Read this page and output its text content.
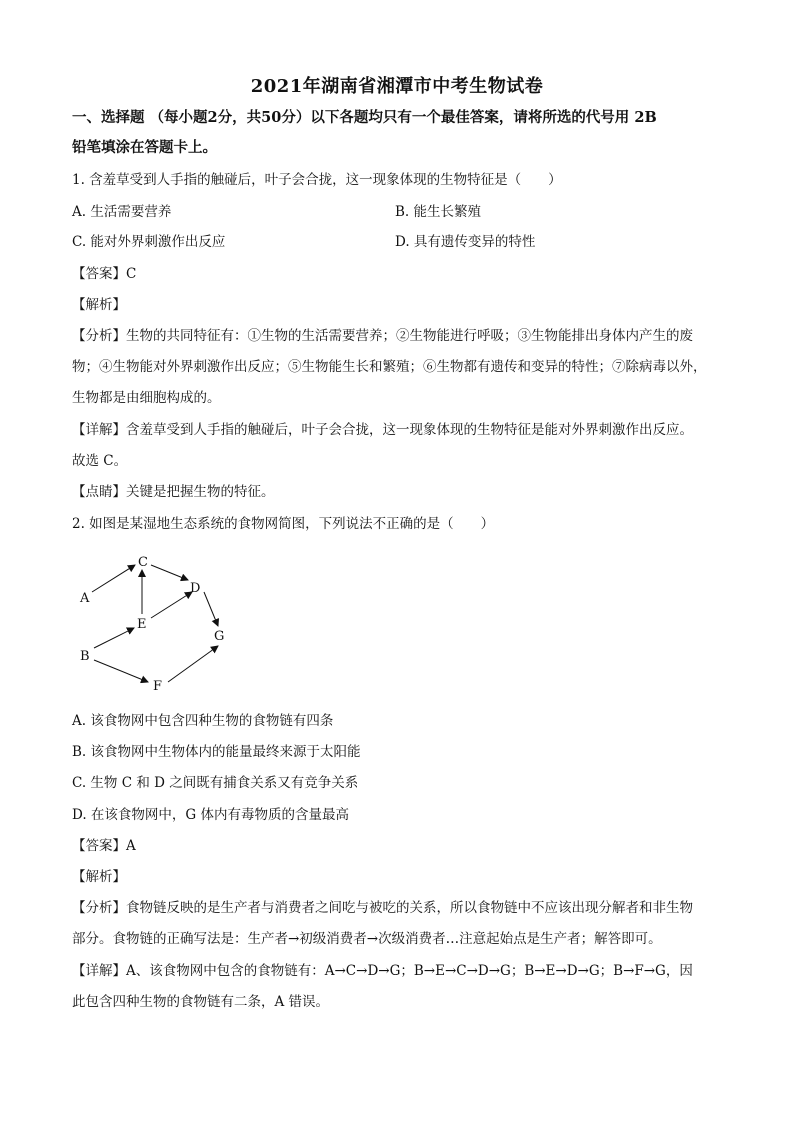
2021年湖南省湘潭市中考生物试卷
一、选择题 （每小题2分，共50分）以下各题均只有一个最佳答案，请将所选的代号用 2B
铅笔填涂在答题卡上。
1. 含羞草受到人手指的触碰后，叶子会合拢，这一现象体现的生物特征是（　　）
A. 生活需要营养	B. 能生长繁殖
C. 能对外界刺激作出反应	D. 具有遗传变异的特性
【答案】C
【解析】
【分析】生物的共同特征有：①生物的生活需要营养；②生物能进行呼吸；③生物能排出身体内产生的废
物；④生物能对外界刺激作出反应；⑤生物能生长和繁殖；⑥生物都有遗传和变异的特性；⑦除病毒以外，
生物都是由细胞构成的。
【详解】含羞草受到人手指的触碰后，叶子会合拢，这一现象体现的生物特征是能对外界刺激作出反应。
故选 C。
【点睛】关键是把握生物的特征。
2. 如图是某湿地生态系统的食物网简图，下列说法不正确的是（　　）
A
B
C
D
E
F
G
A. 该食物网中包含四种生物的食物链有四条
B. 该食物网中生物体内的能量最终来源于太阳能
C. 生物 C 和 D 之间既有捕食关系又有竞争关系
D. 在该食物网中，G 体内有毒物质的含量最高
【答案】A
【解析】
【分析】食物链反映的是生产者与消费者之间吃与被吃的关系，所以食物链中不应该出现分解者和非生物
部分。食物链的正确写法是：生产者→初级消费者→次级消费者…注意起始点是生产者；解答即可。
【详解】A、该食物网中包含的食物链有：A→C→D→G；B→E→C→D→G；B→E→D→G；B→F→G，因
此包含四种生物的食物链有二条，A 错误。
